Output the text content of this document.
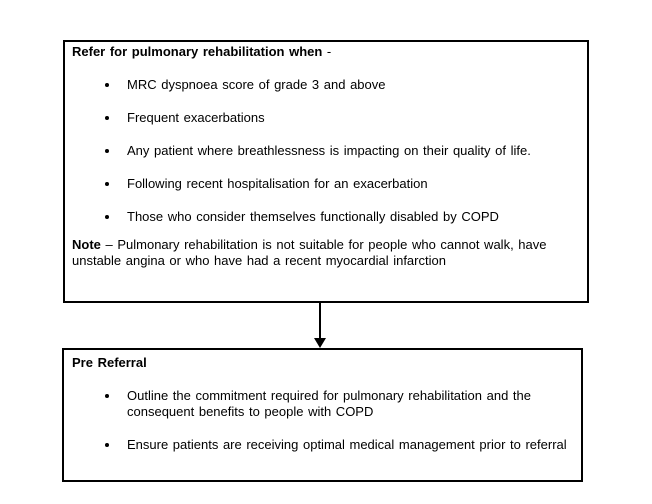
Refer for pulmonary rehabilitation when -

MRC dyspnoea score of grade 3 and above
Frequent exacerbations
Any patient where breathlessness is impacting on their quality of life.
Following recent hospitalisation for an exacerbation
Those who consider themselves functionally disabled by COPD

Note – Pulmonary rehabilitation is not suitable for people who cannot walk, have unstable angina or who have had a recent myocardial infarction

Pre Referral

Outline the commitment required for pulmonary rehabilitation and the consequent benefits to people with COPD
Ensure patients are receiving optimal medical management prior to referral
